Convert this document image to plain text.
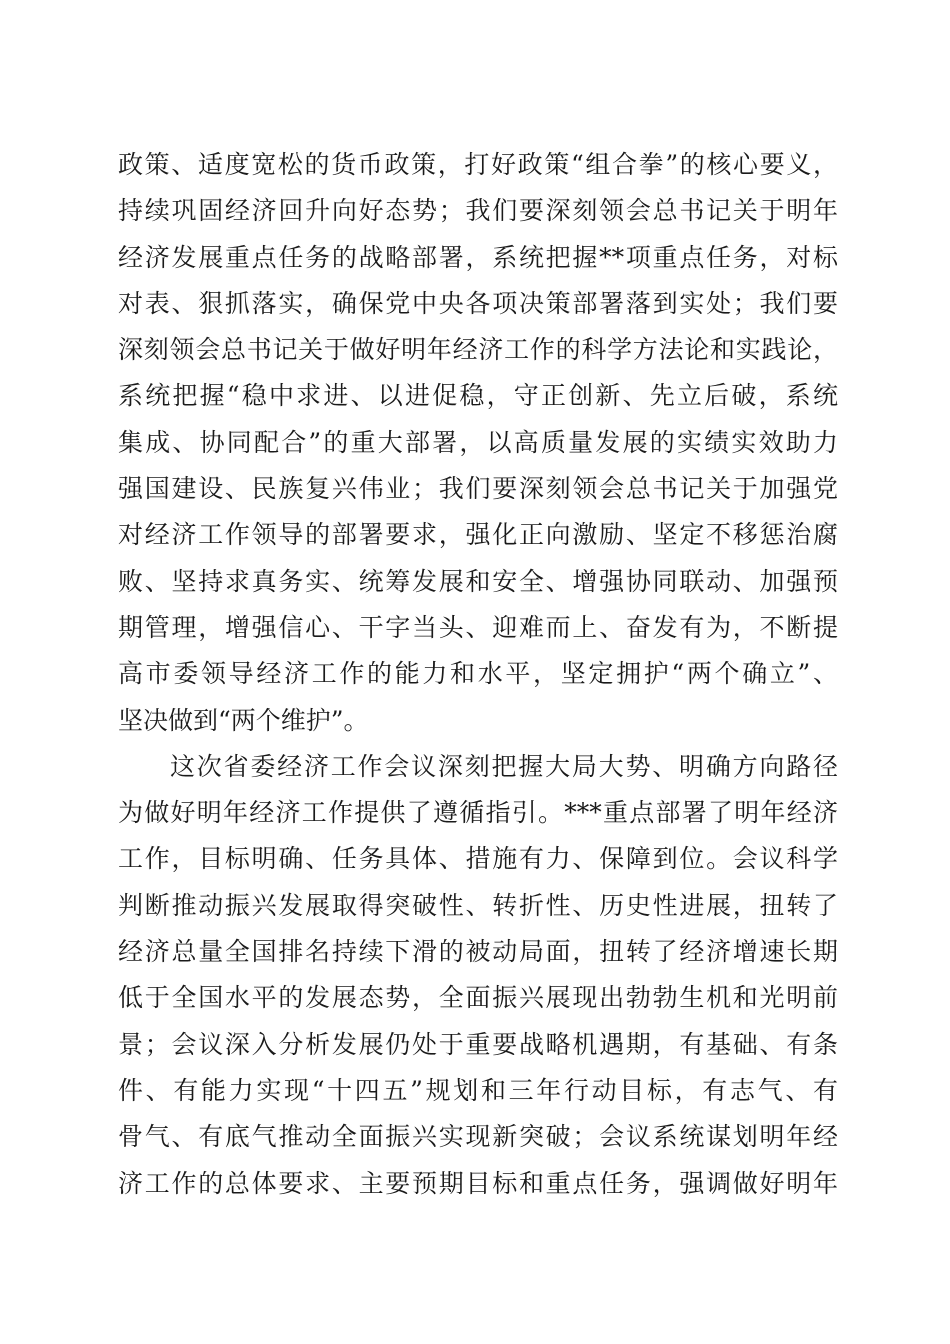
政策、适度宽松的货币政策，打好政策“组合拳”的核心要义，
持续巩固经济回升向好态势；我们要深刻领会总书记关于明年
经济发展重点任务的战略部署，系统把握**项重点任务，对标
对表、狠抓落实，确保党中央各项决策部署落到实处；我们要
深刻领会总书记关于做好明年经济工作的科学方法论和实践论，
系统把握“稳中求进、以进促稳，守正创新、先立后破，系统
集成、协同配合”的重大部署，以高质量发展的实绩实效助力
强国建设、民族复兴伟业；我们要深刻领会总书记关于加强党
对经济工作领导的部署要求，强化正向激励、坚定不移惩治腐
败、坚持求真务实、统筹发展和安全、增强协同联动、加强预
期管理，增强信心、干字当头、迎难而上、奋发有为，不断提
高市委领导经济工作的能力和水平，坚定拥护“两个确立”、
坚决做到“两个维护”。
这次省委经济工作会议深刻把握大局大势、明确方向路径
为做好明年经济工作提供了遵循指引。***重点部署了明年经济
工作，目标明确、任务具体、措施有力、保障到位。会议科学
判断推动振兴发展取得突破性、转折性、历史性进展，扭转了
经济总量全国排名持续下滑的被动局面，扭转了经济增速长期
低于全国水平的发展态势，全面振兴展现出勃勃生机和光明前
景；会议深入分析发展仍处于重要战略机遇期，有基础、有条
件、有能力实现“十四五”规划和三年行动目标，有志气、有
骨气、有底气推动全面振兴实现新突破；会议系统谋划明年经
济工作的总体要求、主要预期目标和重点任务，强调做好明年
